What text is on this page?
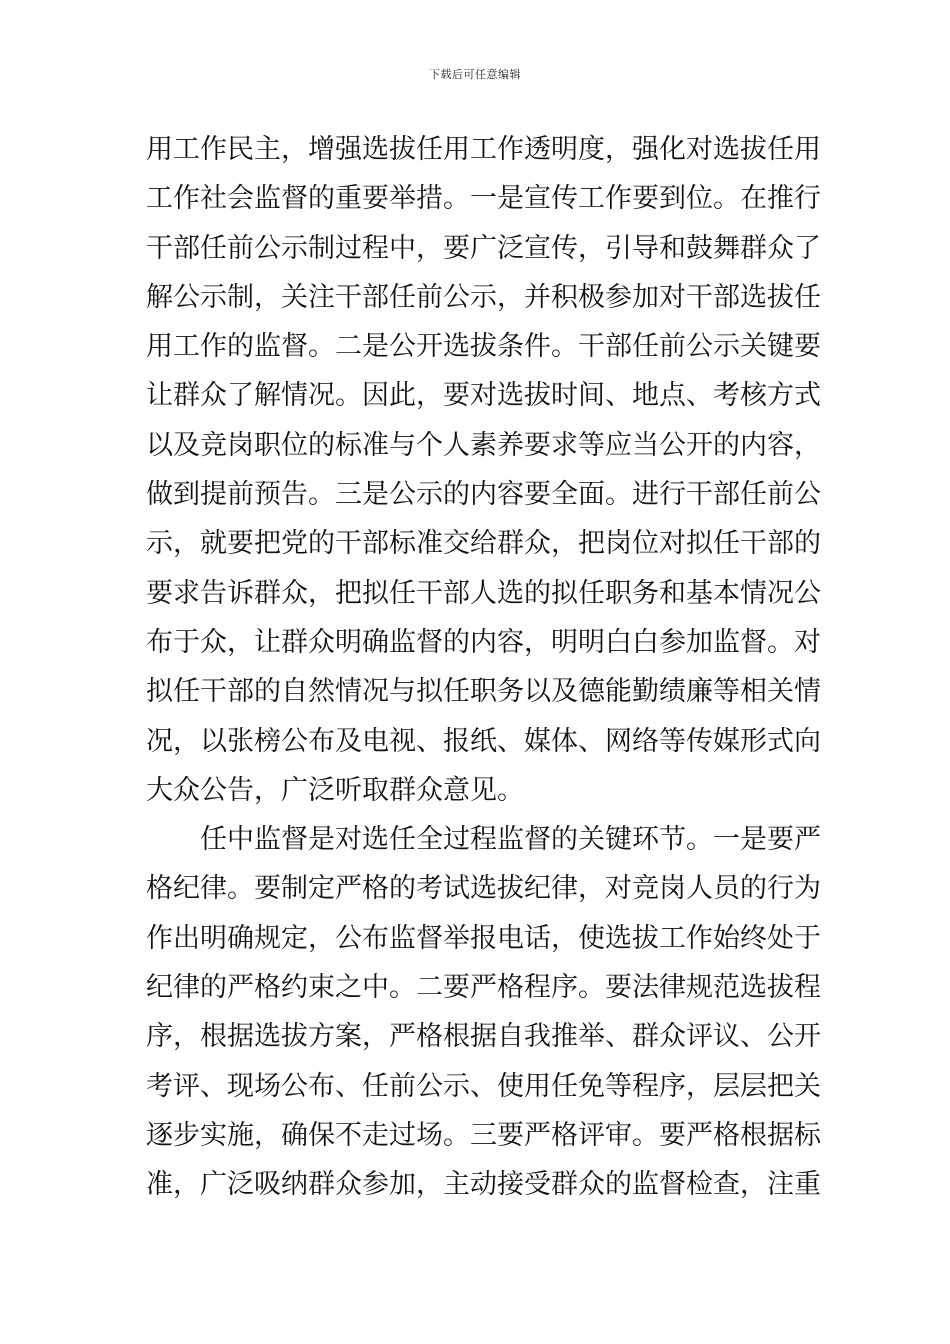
下载后可任意编辑
用工作民主，增强选拔任用工作透明度，强化对选拔任用
工作社会监督的重要举措。一是宣传工作要到位。在推行
干部任前公示制过程中，要广泛宣传，引导和鼓舞群众了
解公示制，关注干部任前公示，并积极参加对干部选拔任
用工作的监督。二是公开选拔条件。干部任前公示关键要
让群众了解情况。因此，要对选拔时间、地点、考核方式
以及竞岗职位的标准与个人素养要求等应当公开的内容，
做到提前预告。三是公示的内容要全面。进行干部任前公
示，就要把党的干部标准交给群众，把岗位对拟任干部的
要求告诉群众，把拟任干部人选的拟任职务和基本情况公
布于众，让群众明确监督的内容，明明白白参加监督。对
拟任干部的自然情况与拟任职务以及德能勤绩廉等相关情
况，以张榜公布及电视、报纸、媒体、网络等传媒形式向
大众公告，广泛听取群众意见。
任中监督是对选任全过程监督的关键环节。一是要严
格纪律。要制定严格的考试选拔纪律，对竞岗人员的行为
作出明确规定，公布监督举报电话，使选拔工作始终处于
纪律的严格约束之中。二要严格程序。要法律规范选拔程
序，根据选拔方案，严格根据自我推举、群众评议、公开
考评、现场公布、任前公示、使用任免等程序，层层把关
逐步实施，确保不走过场。三要严格评审。要严格根据标
准，广泛吸纳群众参加，主动接受群众的监督检查，注重
